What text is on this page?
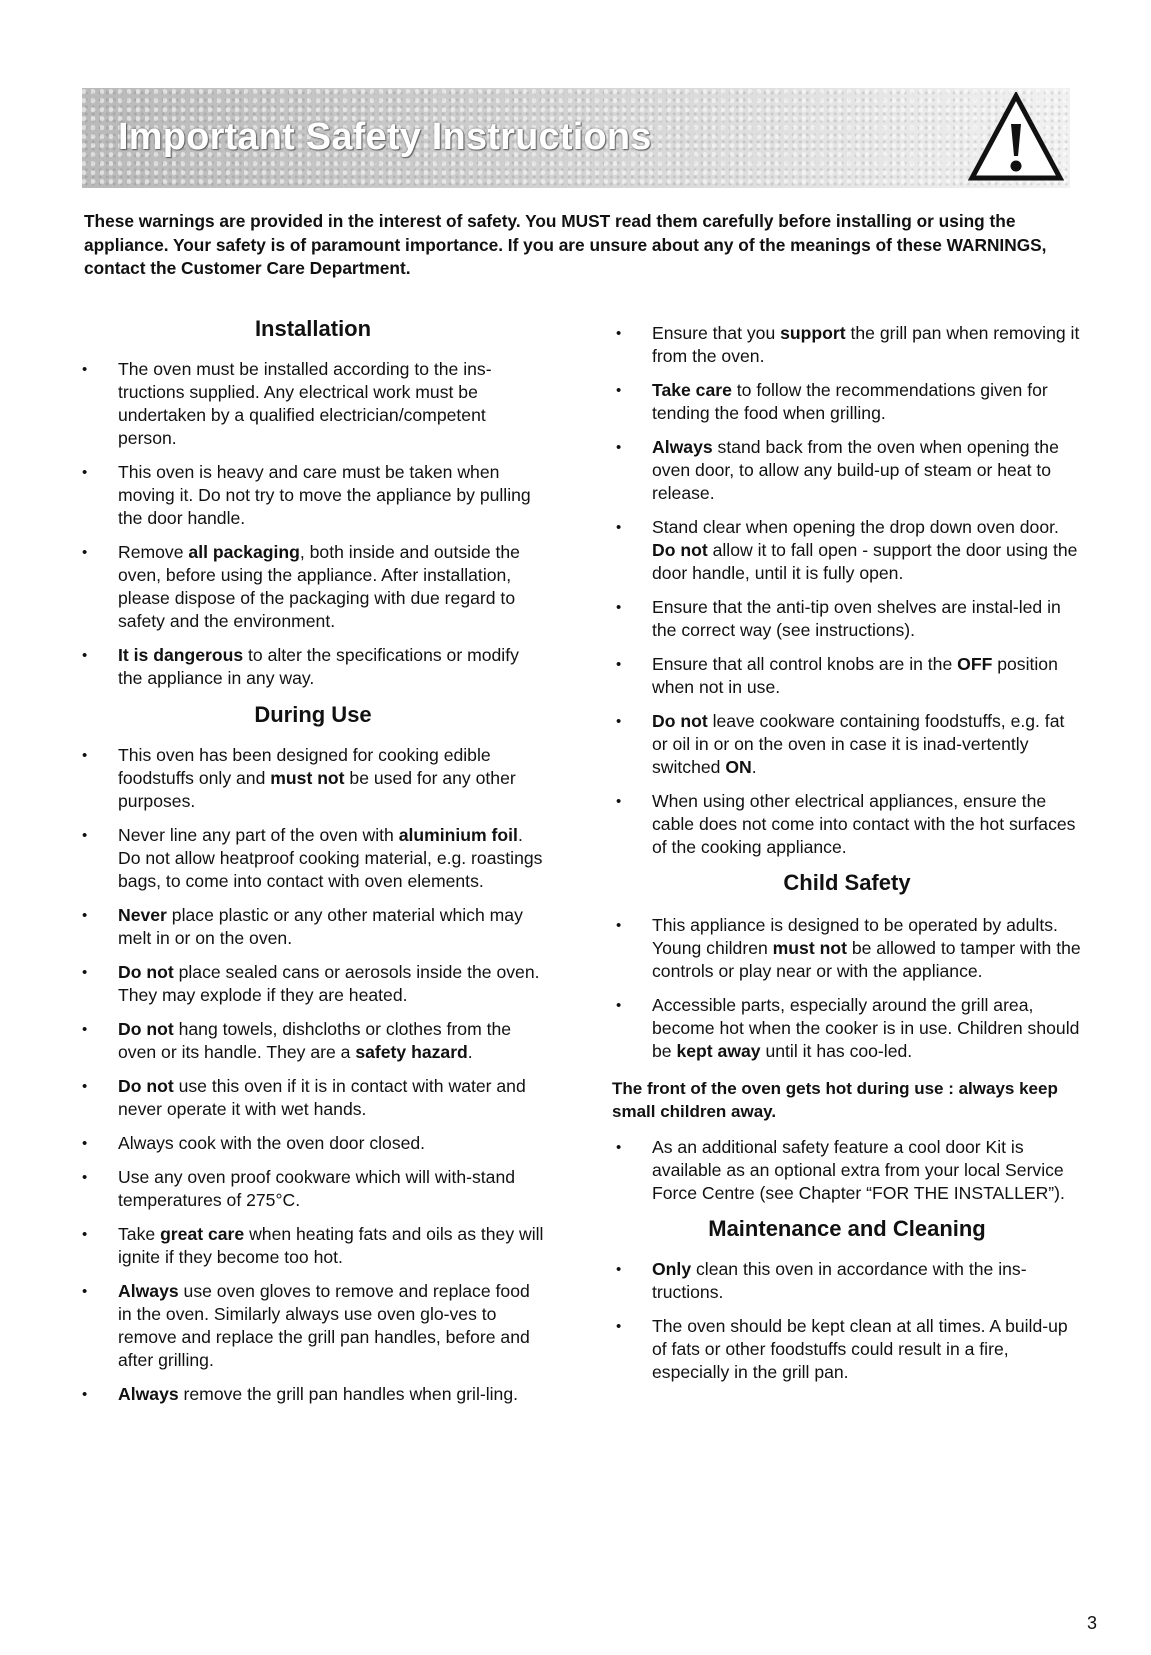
Important Safety Instructions

These warnings are provided in the interest of safety. You MUST read them carefully before installing or using the appliance. Your safety is of paramount importance. If you are unsure about any of the meanings of these WARNINGS, contact the Customer Care Department.

Installation
• The oven must be installed according to the ins-tructions supplied. Any electrical work must be undertaken by a qualified electrician/competent person.
• This oven is heavy and care must be taken when moving it. Do not try to move the appliance by pulling the door handle.
• Remove all packaging, both inside and outside the oven, before using the appliance. After installation, please dispose of the packaging with due regard to safety and the environment.
• It is dangerous to alter the specifications or modify the appliance in any way.
During Use
• This oven has been designed for cooking edible foodstuffs only and must not be used for any other purposes.
• Never line any part of the oven with aluminium foil. Do not allow heatproof cooking material, e.g. roastings bags, to come into contact with oven elements.
• Never place plastic or any other material which may melt in or on the oven.
• Do not place sealed cans or aerosols inside the oven. They may explode if they are heated.
• Do not hang towels, dishcloths or clothes from the oven or its handle. They are a safety hazard.
• Do not use this oven if it is in contact with water and never operate it with wet hands.
• Always cook with the oven door closed.
• Use any oven proof cookware which will with-stand temperatures of 275°C.
• Take great care when heating fats and oils as they will ignite if they become too hot.
• Always use oven gloves to remove and replace food in the oven. Similarly always use oven glo-ves to remove and replace the grill pan handles, before and after grilling.
• Always remove the grill pan handles when gril-ling.
• Ensure that you support the grill pan when removing it from the oven.
• Take care to follow the recommendations given for tending the food when grilling.
• Always stand back from the oven when opening the oven door, to allow any build-up of steam or heat to release.
• Stand clear when opening the drop down oven door. Do not allow it to fall open - support the door using the door handle, until it is fully open.
• Ensure that the anti-tip oven shelves are instal-led in the correct way (see instructions).
• Ensure that all control knobs are in the OFF position when not in use.
• Do not leave cookware containing foodstuffs, e.g. fat or oil in or on the oven in case it is inad-vertently switched ON.
• When using other electrical appliances, ensure the cable does not come into contact with the hot surfaces of the cooking appliance.
Child Safety
• This appliance is designed to be operated by adults. Young children must not be allowed to tamper with the controls or play near or with the appliance.
• Accessible parts, especially around the grill area, become hot when the cooker is in use. Children should be kept away until it has coo-led.

The front of the oven gets hot during use : always keep small children away.

• As an additional safety feature a cool door Kit is available as an optional extra from your local Service Force Centre (see Chapter “FOR THE INSTALLER”).
Maintenance and Cleaning
• Only clean this oven in accordance with the ins-tructions.
• The oven should be kept clean at all times. A build-up of fats or other foodstuffs could result in a fire, especially in the grill pan.

3
